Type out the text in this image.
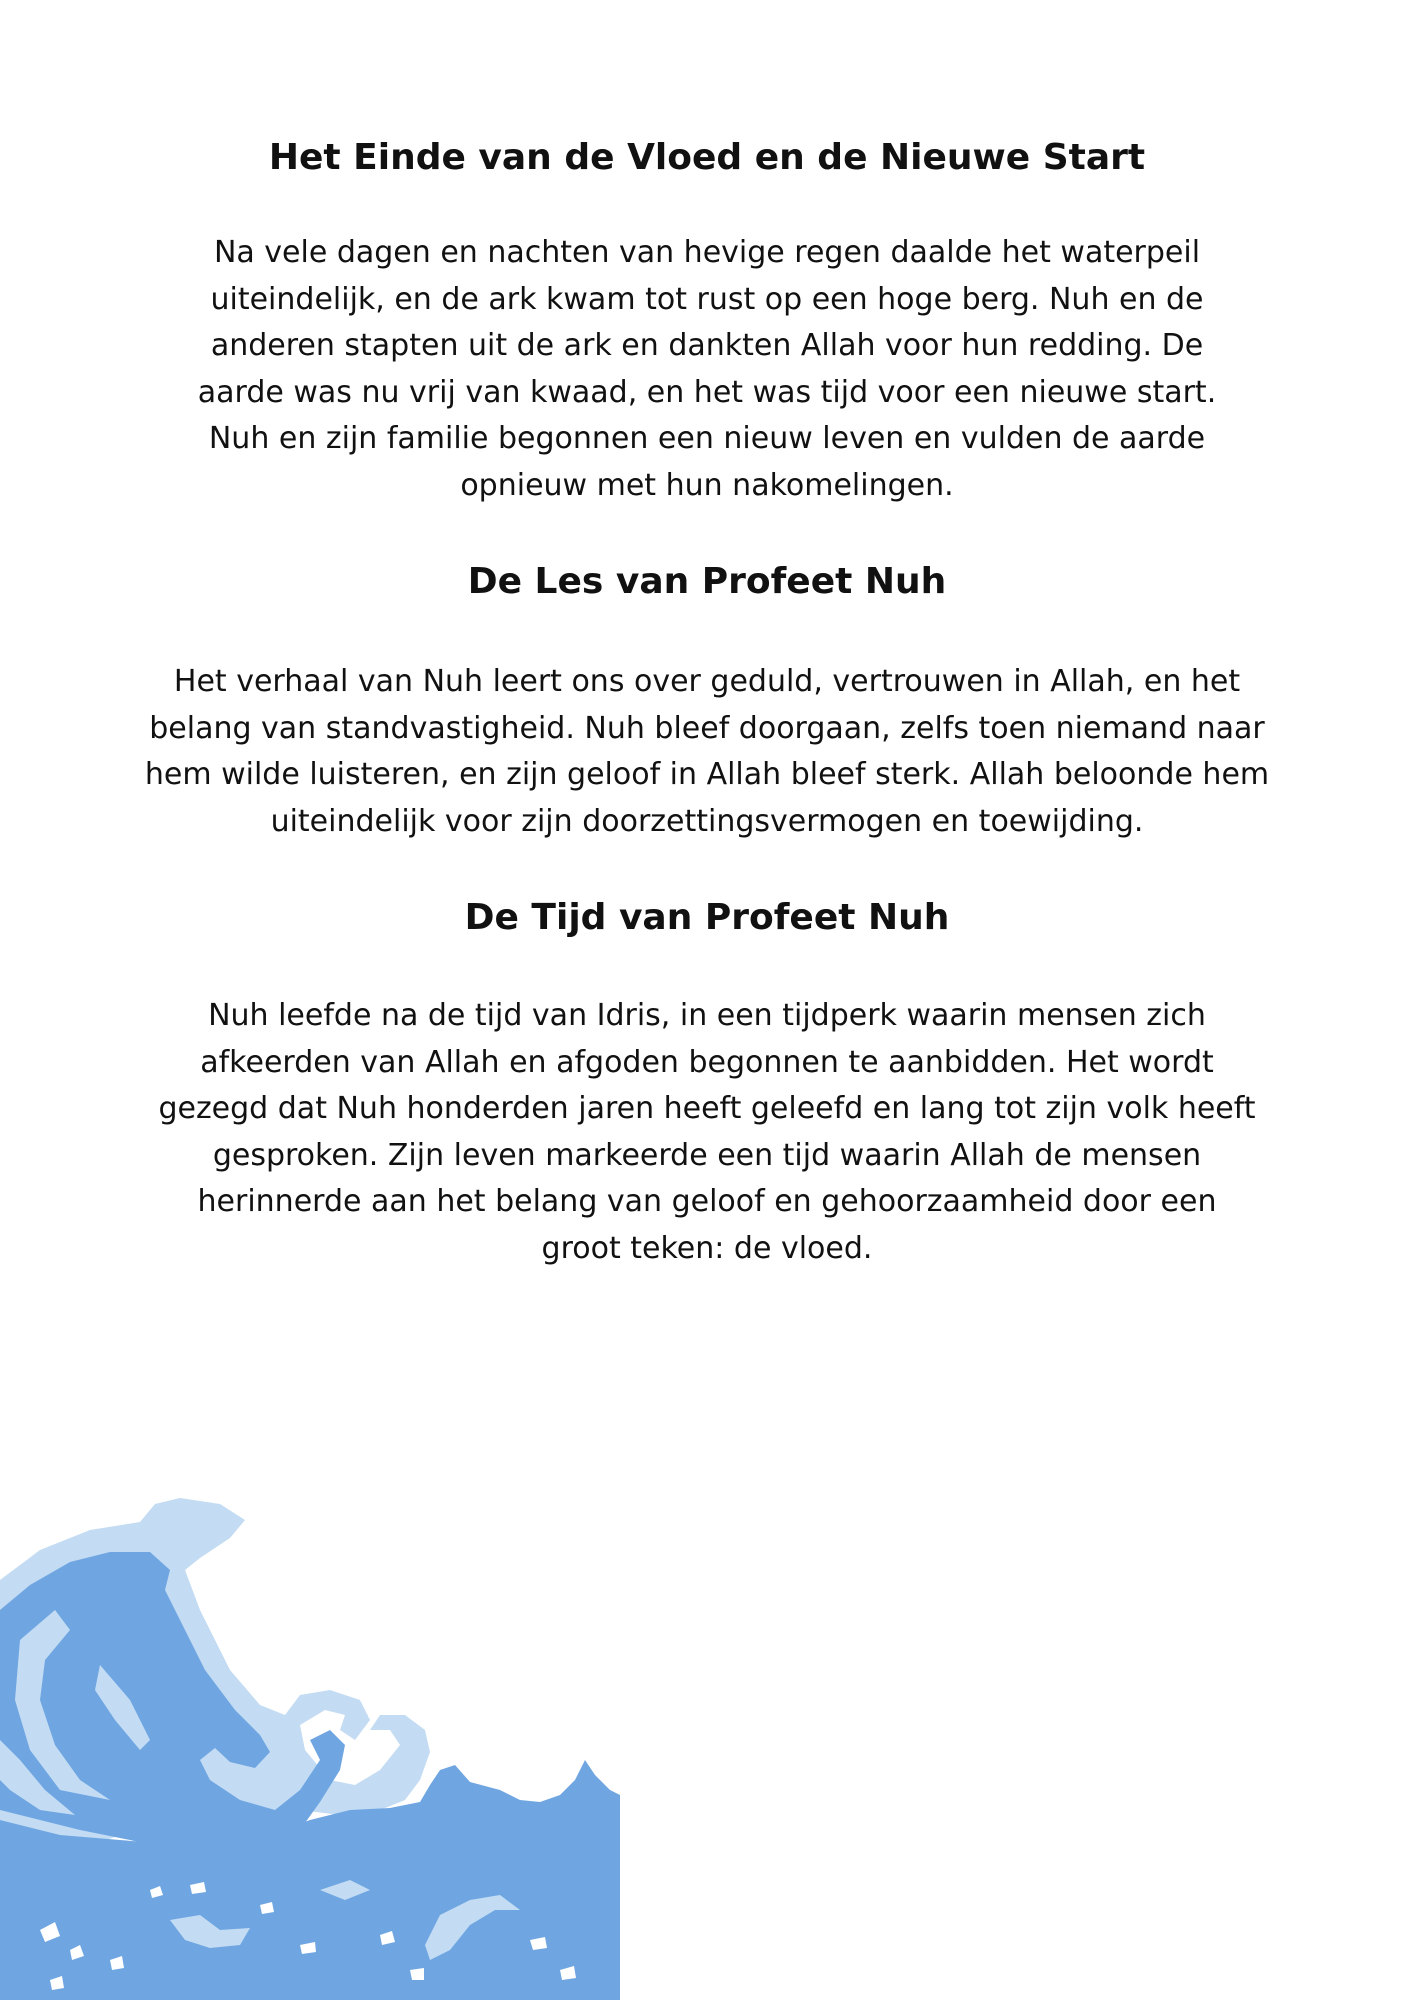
Het Einde van de Vloed en de Nieuwe Start

Na vele dagen en nachten van hevige regen daalde het waterpeil uiteindelijk, en de ark kwam tot rust op een hoge berg. Nuh en de anderen stapten uit de ark en dankten Allah voor hun redding. De aarde was nu vrij van kwaad, en het was tijd voor een nieuwe start. Nuh en zijn familie begonnen een nieuw leven en vulden de aarde opnieuw met hun nakomelingen.

De Les van Profeet Nuh

Het verhaal van Nuh leert ons over geduld, vertrouwen in Allah, en het belang van standvastigheid. Nuh bleef doorgaan, zelfs toen niemand naar hem wilde luisteren, en zijn geloof in Allah bleef sterk. Allah beloonde hem uiteindelijk voor zijn doorzettingsvermogen en toewijding.

De Tijd van Profeet Nuh

Nuh leefde na de tijd van Idris, in een tijdperk waarin mensen zich afkeerden van Allah en afgoden begonnen te aanbidden. Het wordt gezegd dat Nuh honderden jaren heeft geleefd en lang tot zijn volk heeft gesproken. Zijn leven markeerde een tijd waarin Allah de mensen herinnerde aan het belang van geloof en gehoorzaamheid door een groot teken: de vloed.
